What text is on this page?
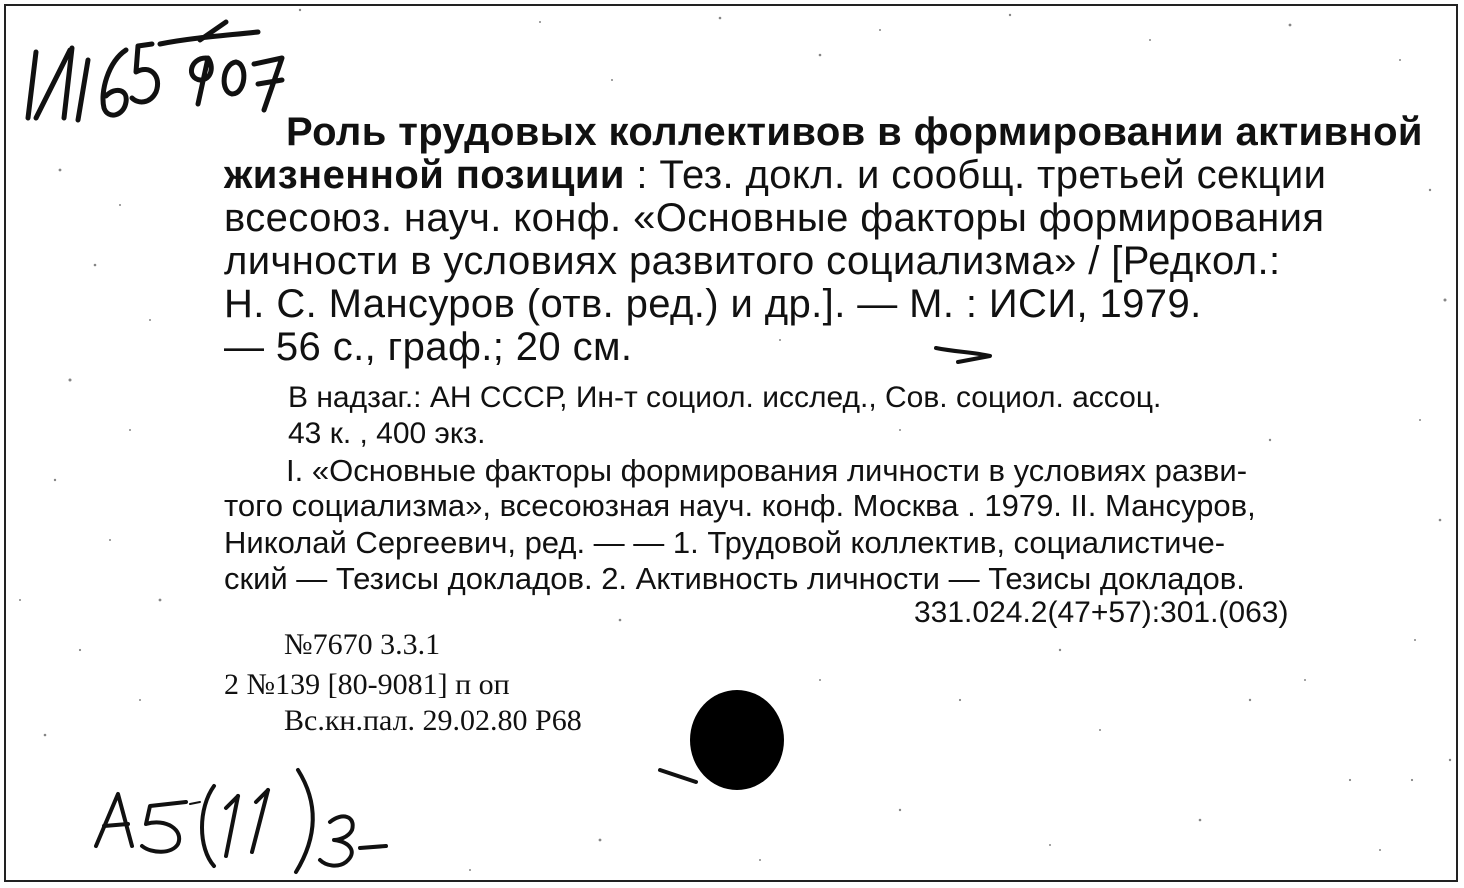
Роль трудовых коллективов в формировании активной
жизненной позиции : Тез. докл. и сообщ. третьей секции
всесоюз. науч. конф. «Основные факторы формирования
личности в условиях развитого социализма» / [Редкол.:
Н. С. Мансуров (отв. ред.) и др.]. — М. : ИСИ, 1979.
— 56 с., граф.; 20 см.
В надзаг.: АН СССР, Ин-т социол. исслед., Сов. социол. ассоц.
43 к. , 400 экз.
I. «Основные факторы формирования личности в условиях разви-
того социализма», всесоюзная науч. конф. Москва . 1979. II. Мансуров,
Николай Сергеевич, ред. — — 1. Трудовой коллектив, социалистиче-
ский — Тезисы докладов. 2. Активность личности — Тезисы докладов.
331.024.2(47+57):301.(063)
№7670 3.3.1
2 №139 [80-9081] п оп
Вс.кн.пал. 29.02.80 Р68
